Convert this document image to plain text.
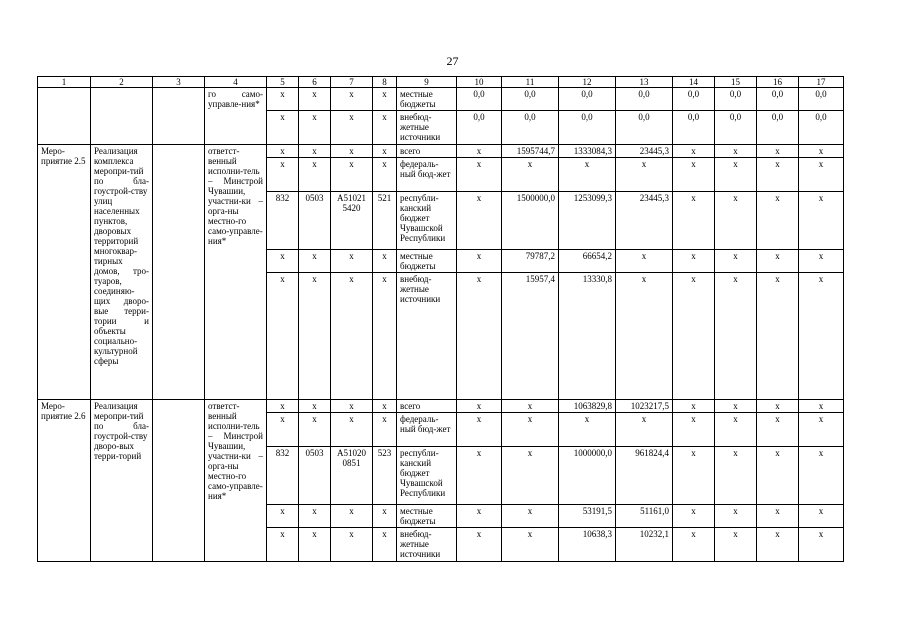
27
1	2	3	4	5	6	7	8	9	10	11	12	13	14	15	16	17
			го само-управле-ния*	x	x	x	x	местные бюджеты	0,0	0,0	0,0	0,0	0,0	0,0	0,0	0,0
				x	x	x	x	внебюд-жетные источники	0,0	0,0	0,0	0,0	0,0	0,0	0,0	0,0
Меро-приятие 2.5	Реализация комплекса меропри-тий по бла-гоустрой-ству улиц населенных пунктов, дворовых территорий многоквар-тирных домов, тро-туаров, соединяю-щих дворо-вые терри-тории и объекты социально-культурной сферы		ответст-венный исполни-тель – Минстрой Чувашии, участни-ки – орга-ны местно-го само-управле-ния*	x	x	x	x	всего	x	1595744,7	1333084,3	23445,3	x	x	x	x
				x	x	x	x	федераль-ный бюд-жет	x	x	x	x	x	x	x	x
				832	0503	A51021 5420	521	республи-канский бюджет Чувашской Республики	x	1500000,0	1253099,3	23445,3	x	x	x	x
				x	x	x	x	местные бюджеты	x	79787,2	66654,2	x	x	x	x	x
				x	x	x	x	внебюд-жетные источники	x	15957,4	13330,8	x	x	x	x	x
Меро-приятие 2.6	Реализация меропри-тий по бла-гоустрой-ству дворо-вых терри-торий		ответст-венный исполни-тель – Минстрой Чувашии, участни-ки – орга-ны местно-го само-управле-ния*	x	x	x	x	всего	x	x	1063829,8	1023217,5	x	x	x	x
				x	x	x	x	федераль-ный бюд-жет	x	x	x	x	x	x	x	x
				832	0503	A51020 0851	523	республи-канский бюджет Чувашской Республики	x	x	1000000,0	961824,4	x	x	x	x
				x	x	x	x	местные бюджеты	x	x	53191,5	51161,0	x	x	x	x
				x	x	x	x	внебюд-жетные источники	x	x	10638,3	10232,1	x	x	x	x
